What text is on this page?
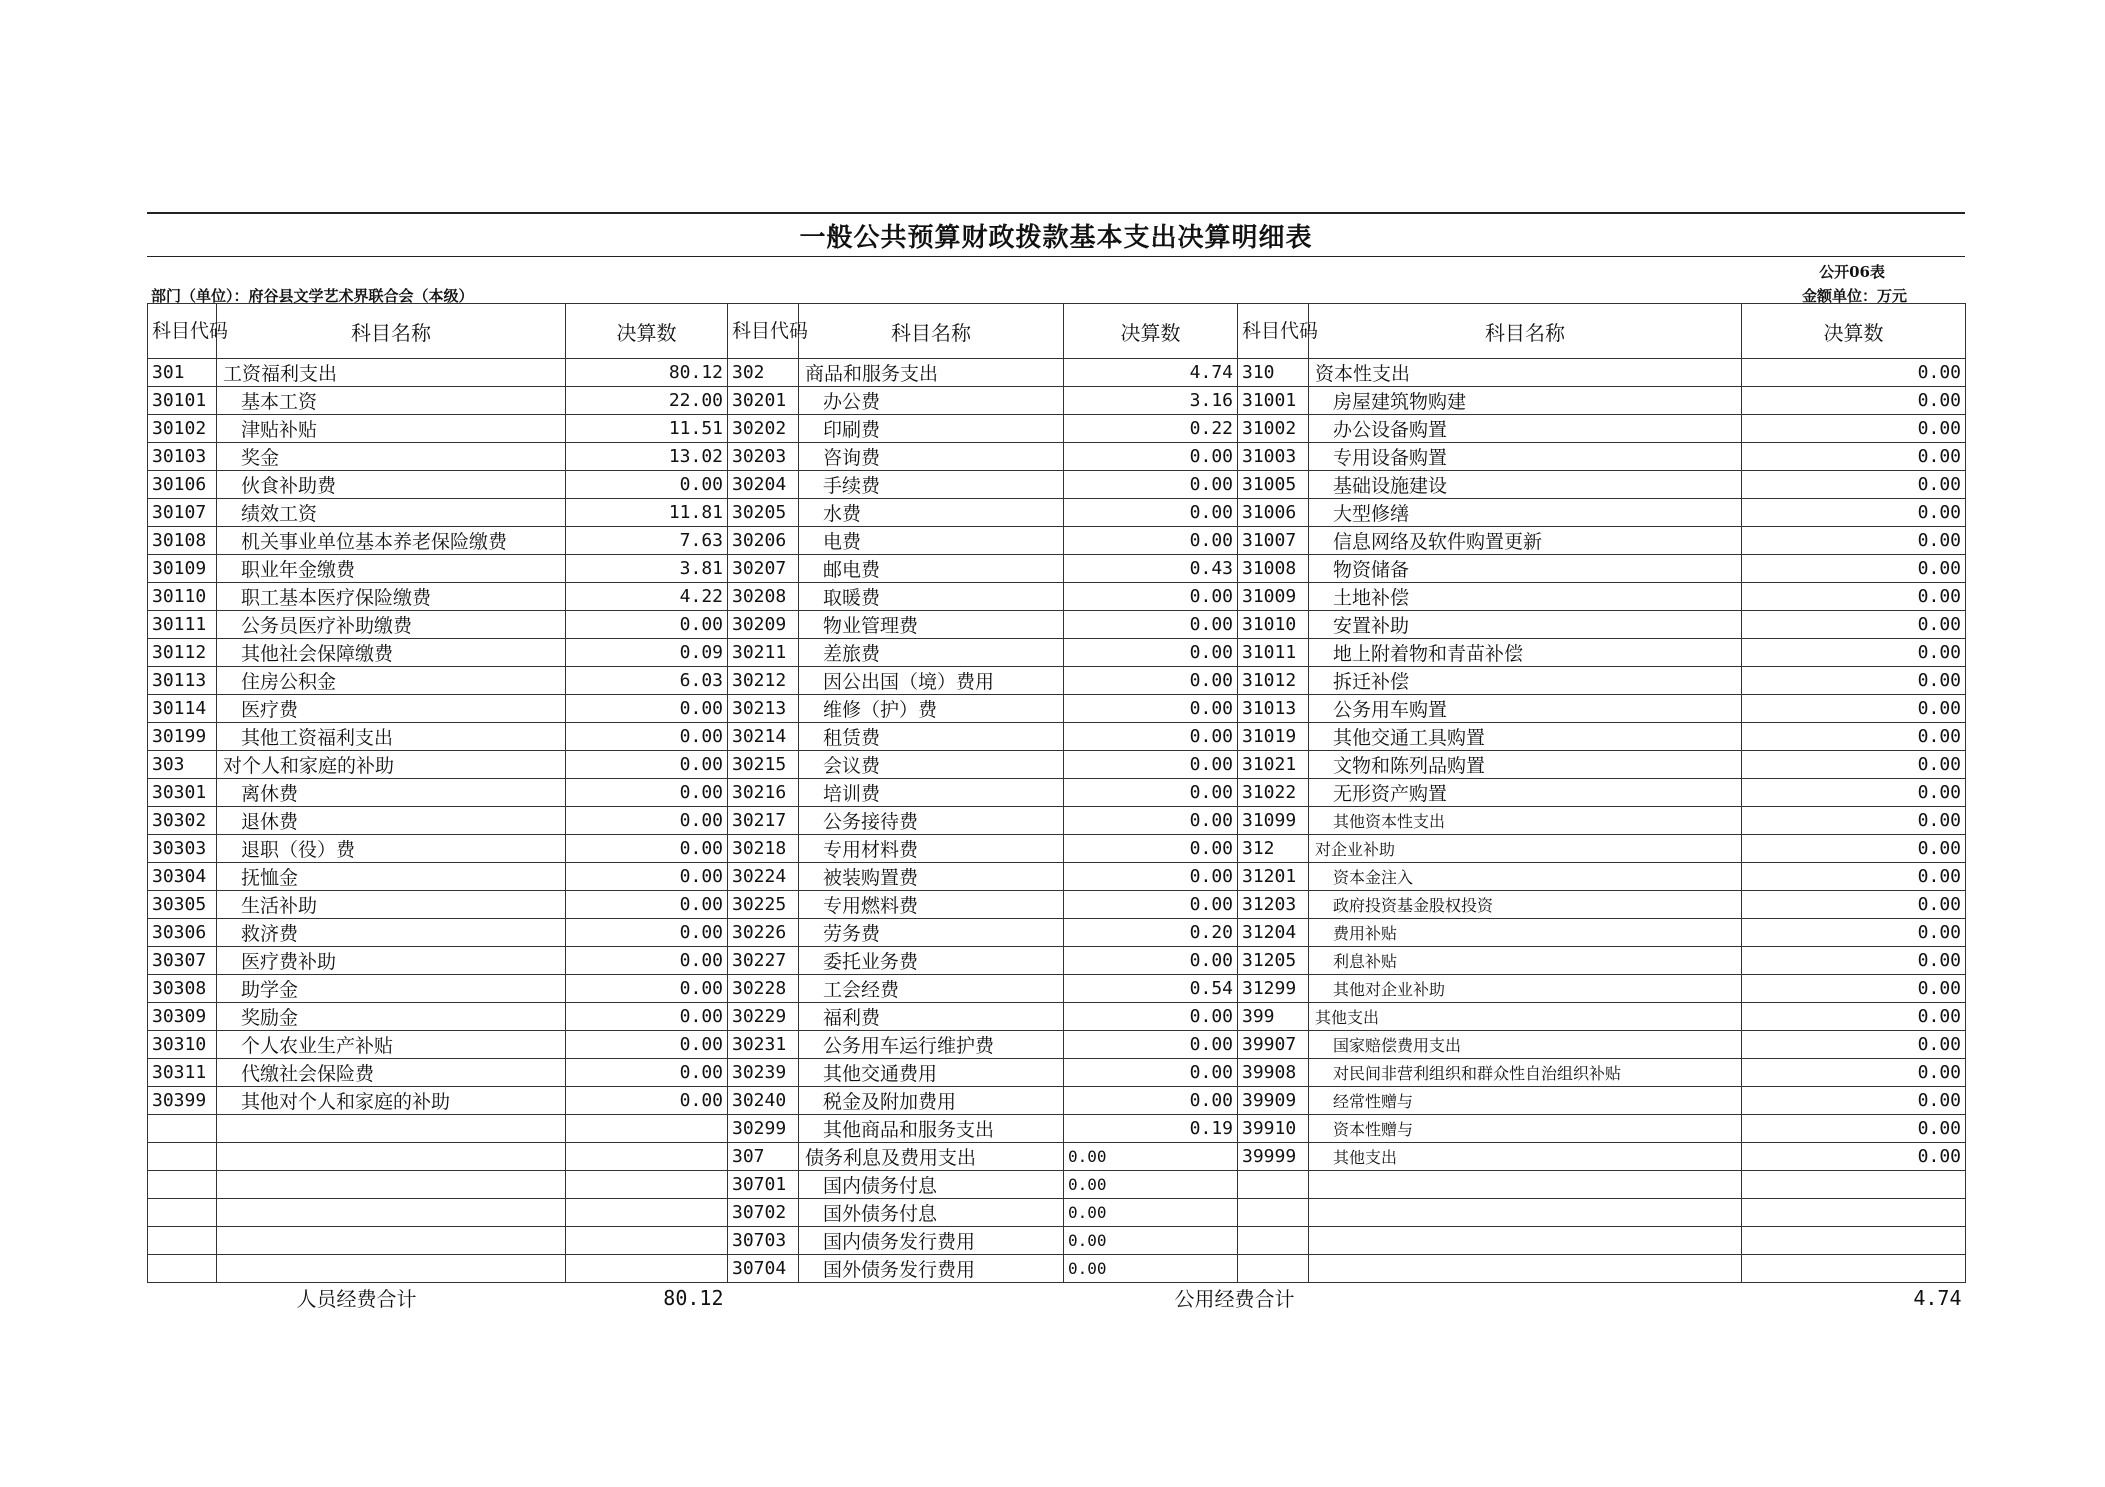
一般公共预算财政拨款基本支出决算明细表
部门（单位）：府谷县文学艺术界联合会（本级）
公开06表
金额单位：万元
科目代码	科目名称	决算数	科目代码	科目名称	决算数	科目代码	科目名称	决算数
301	工资福利支出	80.12	302	商品和服务支出	4.74	310	资本性支出	0.00
30101	基本工资	22.00	30201	办公费	3.16	31001	房屋建筑物购建	0.00
30102	津贴补贴	11.51	30202	印刷费	0.22	31002	办公设备购置	0.00
30103	奖金	13.02	30203	咨询费	0.00	31003	专用设备购置	0.00
30106	伙食补助费	0.00	30204	手续费	0.00	31005	基础设施建设	0.00
30107	绩效工资	11.81	30205	水费	0.00	31006	大型修缮	0.00
30108	机关事业单位基本养老保险缴费	7.63	30206	电费	0.00	31007	信息网络及软件购置更新	0.00
30109	职业年金缴费	3.81	30207	邮电费	0.43	31008	物资储备	0.00
30110	职工基本医疗保险缴费	4.22	30208	取暖费	0.00	31009	土地补偿	0.00
30111	公务员医疗补助缴费	0.00	30209	物业管理费	0.00	31010	安置补助	0.00
30112	其他社会保障缴费	0.09	30211	差旅费	0.00	31011	地上附着物和青苗补偿	0.00
30113	住房公积金	6.03	30212	因公出国（境）费用	0.00	31012	拆迁补偿	0.00
30114	医疗费	0.00	30213	维修（护）费	0.00	31013	公务用车购置	0.00
30199	其他工资福利支出	0.00	30214	租赁费	0.00	31019	其他交通工具购置	0.00
303	对个人和家庭的补助	0.00	30215	会议费	0.00	31021	文物和陈列品购置	0.00
30301	离休费	0.00	30216	培训费	0.00	31022	无形资产购置	0.00
30302	退休费	0.00	30217	公务接待费	0.00	31099	其他资本性支出	0.00
30303	退职（役）费	0.00	30218	专用材料费	0.00	312	对企业补助	0.00
30304	抚恤金	0.00	30224	被装购置费	0.00	31201	资本金注入	0.00
30305	生活补助	0.00	30225	专用燃料费	0.00	31203	政府投资基金股权投资	0.00
30306	救济费	0.00	30226	劳务费	0.20	31204	费用补贴	0.00
30307	医疗费补助	0.00	30227	委托业务费	0.00	31205	利息补贴	0.00
30308	助学金	0.00	30228	工会经费	0.54	31299	其他对企业补助	0.00
30309	奖励金	0.00	30229	福利费	0.00	399	其他支出	0.00
30310	个人农业生产补贴	0.00	30231	公务用车运行维护费	0.00	39907	国家赔偿费用支出	0.00
30311	代缴社会保险费	0.00	30239	其他交通费用	0.00	39908	对民间非营利组织和群众性自治组织补贴	0.00
30399	其他对个人和家庭的补助	0.00	30240	税金及附加费用	0.00	39909	经常性赠与	0.00
			30299	其他商品和服务支出	0.19	39910	资本性赠与	0.00
			307	债务利息及费用支出	0.00	39999	其他支出	0.00
			30701	国内债务付息	0.00			
			30702	国外债务付息	0.00			
			30703	国内债务发行费用	0.00			
			30704	国外债务发行费用	0.00			
人员经费合计		80.12	公用经费合计					4.74
